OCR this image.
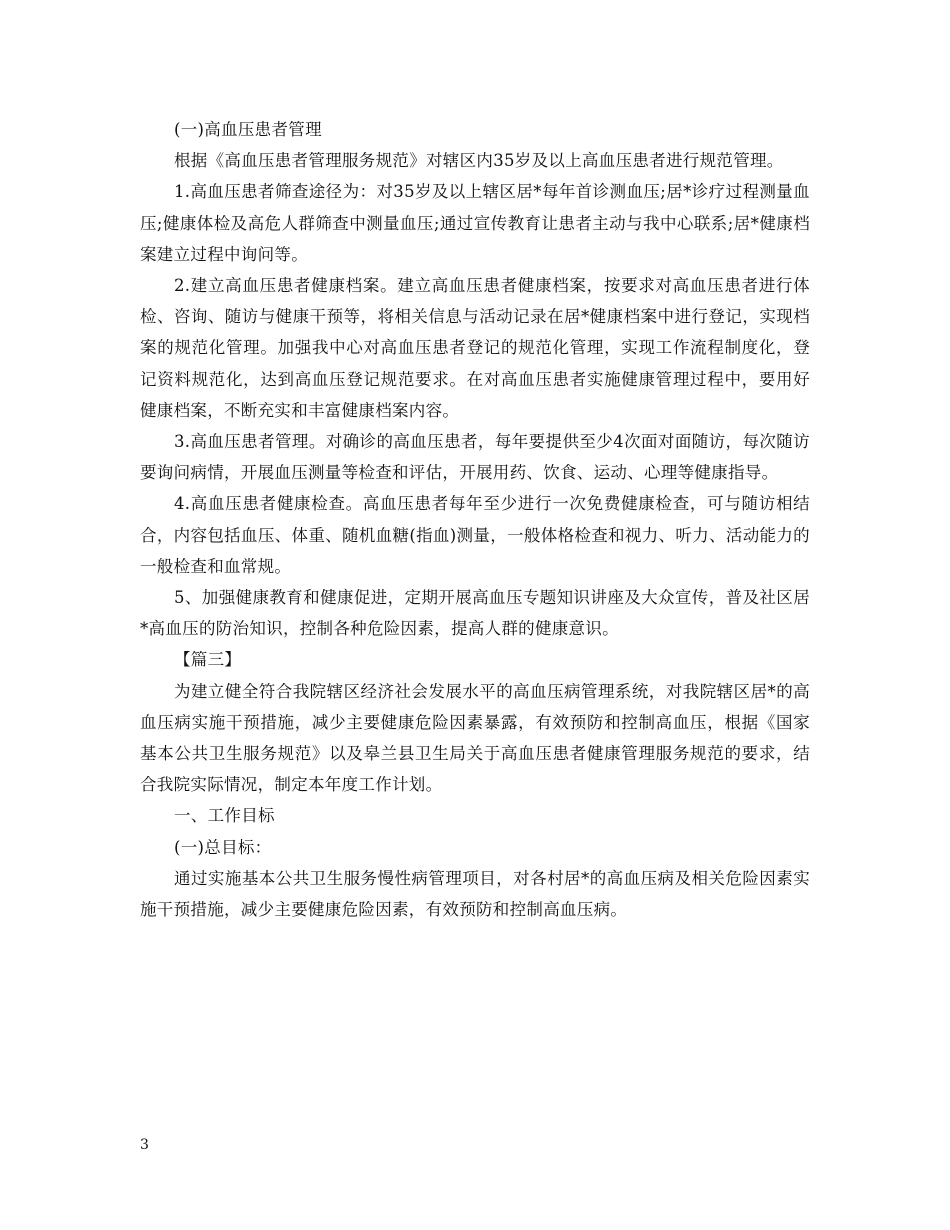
(一)高血压患者管理

根据《高血压患者管理服务规范》对辖区内35岁及以上高血压患者进行规范管理。

1.高血压患者筛查途径为：对35岁及以上辖区居*每年首诊测血压;居*诊疗过程测量血压;健康体检及高危人群筛查中测量血压;通过宣传教育让患者主动与我中心联系;居*健康档案建立过程中询问等。

2.建立高血压患者健康档案。建立高血压患者健康档案，按要求对高血压患者进行体检、咨询、随访与健康干预等，将相关信息与活动记录在居*健康档案中进行登记，实现档案的规范化管理。加强我中心对高血压患者登记的规范化管理，实现工作流程制度化，登记资料规范化，达到高血压登记规范要求。在对高血压患者实施健康管理过程中，要用好健康档案，不断充实和丰富健康档案内容。

3.高血压患者管理。对确诊的高血压患者，每年要提供至少4次面对面随访，每次随访要询问病情，开展血压测量等检查和评估，开展用药、饮食、运动、心理等健康指导。

4.高血压患者健康检查。高血压患者每年至少进行一次免费健康检查，可与随访相结合，内容包括血压、体重、随机血糖(指血)测量，一般体格检查和视力、听力、活动能力的一般检查和血常规。

5、加强健康教育和健康促进，定期开展高血压专题知识讲座及大众宣传，普及社区居*高血压的防治知识，控制各种危险因素，提高人群的健康意识。

【篇三】

为建立健全符合我院辖区经济社会发展水平的高血压病管理系统，对我院辖区居*的高血压病实施干预措施，减少主要健康危险因素暴露，有效预防和控制高血压，根据《国家基本公共卫生服务规范》以及皋兰县卫生局关于高血压患者健康管理服务规范的要求，结合我院实际情况，制定本年度工作计划。

一、工作目标

(一)总目标：

通过实施基本公共卫生服务慢性病管理项目，对各村居*的高血压病及相关危险因素实施干预措施，减少主要健康危险因素，有效预防和控制高血压病。

3
